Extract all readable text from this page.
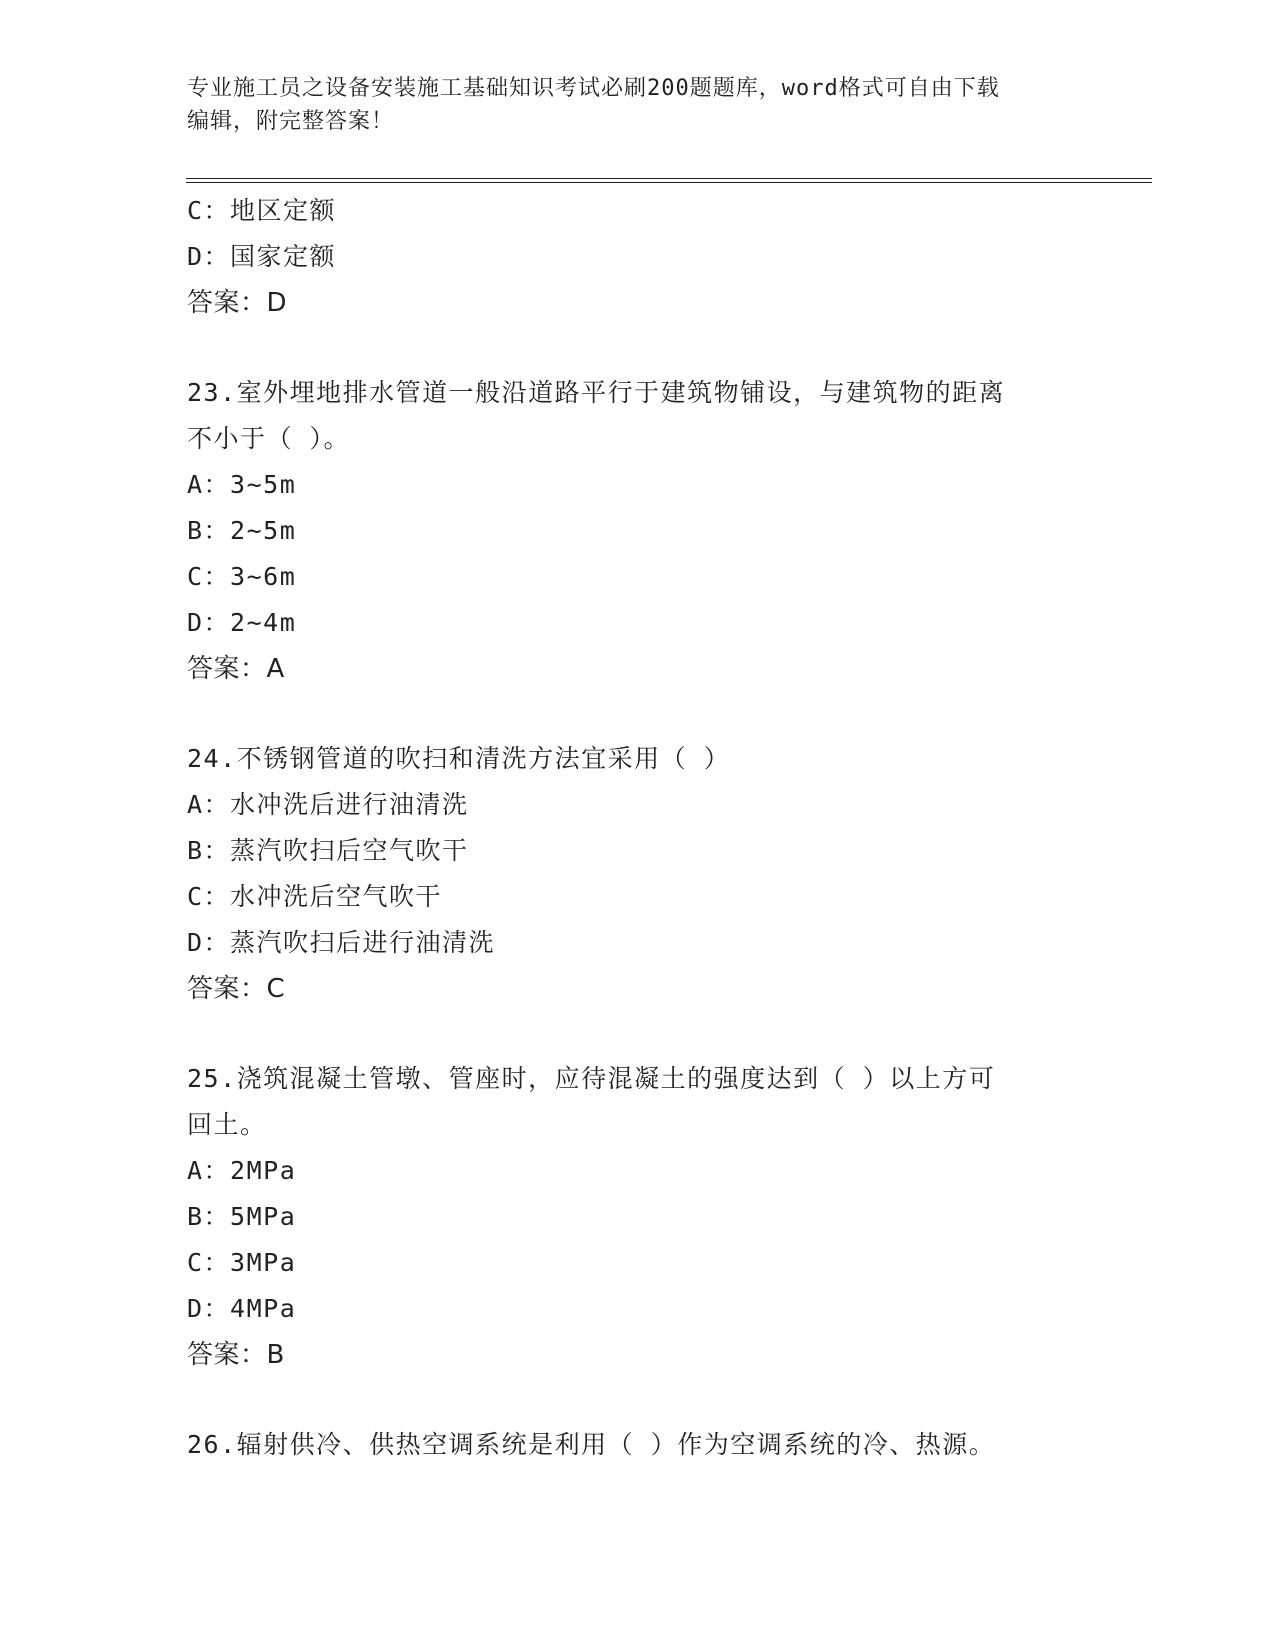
专业施工员之设备安装施工基础知识考试必刷200题题库，word格式可自由下载
编辑，附完整答案！
C：地区定额
D：国家定额
答案：D
23.室外埋地排水管道一般沿道路平行于建筑物铺设，与建筑物的距离
不小于（ ）。
A：3~5m
B：2~5m
C：3~6m
D：2~4m
答案：A
24.不锈钢管道的吹扫和清洗方法宜采用（ ）
A：水冲洗后进行油清洗
B：蒸汽吹扫后空气吹干
C：水冲洗后空气吹干
D：蒸汽吹扫后进行油清洗
答案：C
25.浇筑混凝土管墩、管座时，应待混凝土的强度达到（ ）以上方可
回土。
A：2MPa
B：5MPa
C：3MPa
D：4MPa
答案：B
26.辐射供冷、供热空调系统是利用（ ）作为空调系统的冷、热源。
